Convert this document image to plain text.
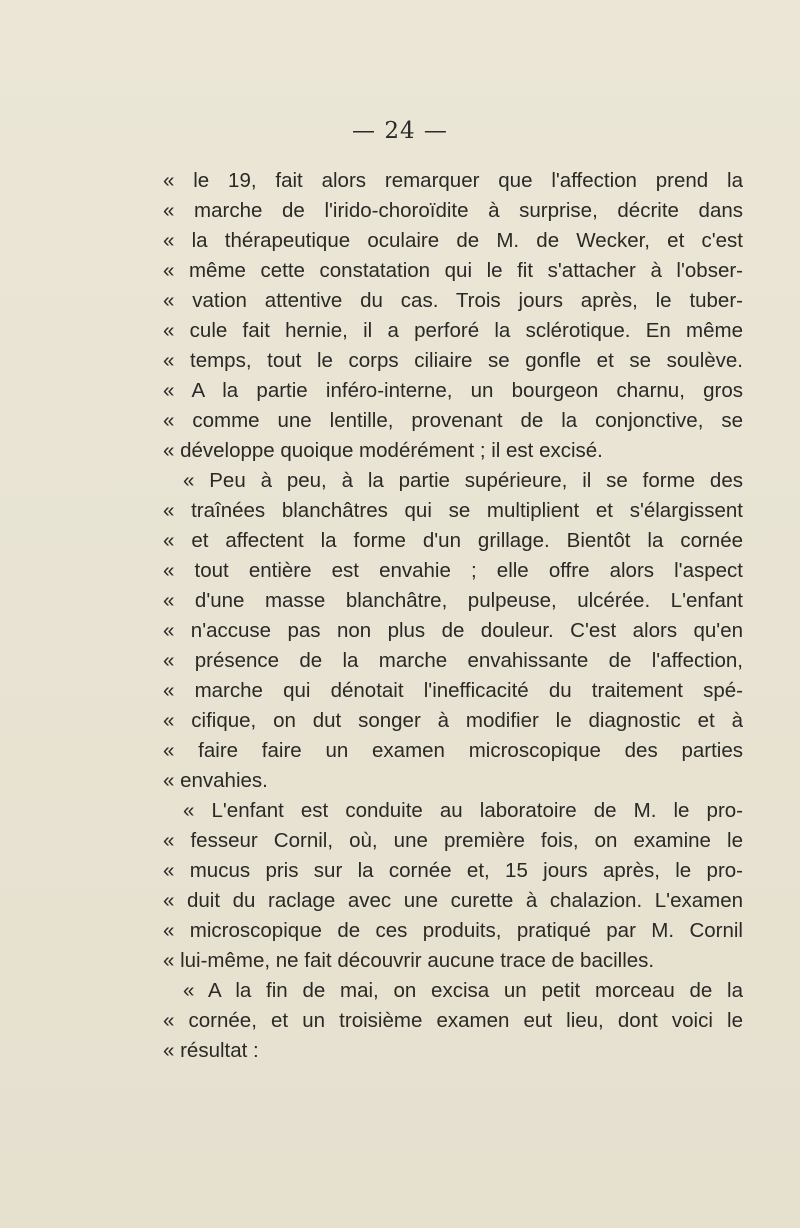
— 24 —
« le 19, fait alors remarquer que l'affection prend la
« marche de l'irido-choroïdite à surprise, décrite dans
« la thérapeutique oculaire de M. de Wecker, et c'est
« même cette constatation qui le fit s'attacher à l'obser-
« vation attentive du cas. Trois jours après, le tuber-
« cule fait hernie, il a perforé la sclérotique. En même
« temps, tout le corps ciliaire se gonfle et se soulève.
« A la partie inféro-interne, un bourgeon charnu, gros
« comme une lentille, provenant de la conjonctive, se
« développe quoique modérément ; il est excisé.
« Peu à peu, à la partie supérieure, il se forme des
« traînées blanchâtres qui se multiplient et s'élargissent
« et affectent la forme d'un grillage. Bientôt la cornée
« tout entière est envahie ; elle offre alors l'aspect
« d'une masse blanchâtre, pulpeuse, ulcérée. L'enfant
« n'accuse pas non plus de douleur. C'est alors qu'en
« présence de la marche envahissante de l'affection,
« marche qui dénotait l'inefficacité du traitement spé-
« cifique, on dut songer à modifier le diagnostic et à
« faire faire un examen microscopique des parties
« envahies.
« L'enfant est conduite au laboratoire de M. le pro-
« fesseur Cornil, où, une première fois, on examine le
« mucus pris sur la cornée et, 15 jours après, le pro-
« duit du raclage avec une curette à chalazion. L'examen
« microscopique de ces produits, pratiqué par M. Cornil
« lui-même, ne fait découvrir aucune trace de bacilles.
« A la fin de mai, on excisa un petit morceau de la
« cornée, et un troisième examen eut lieu, dont voici le
« résultat :
